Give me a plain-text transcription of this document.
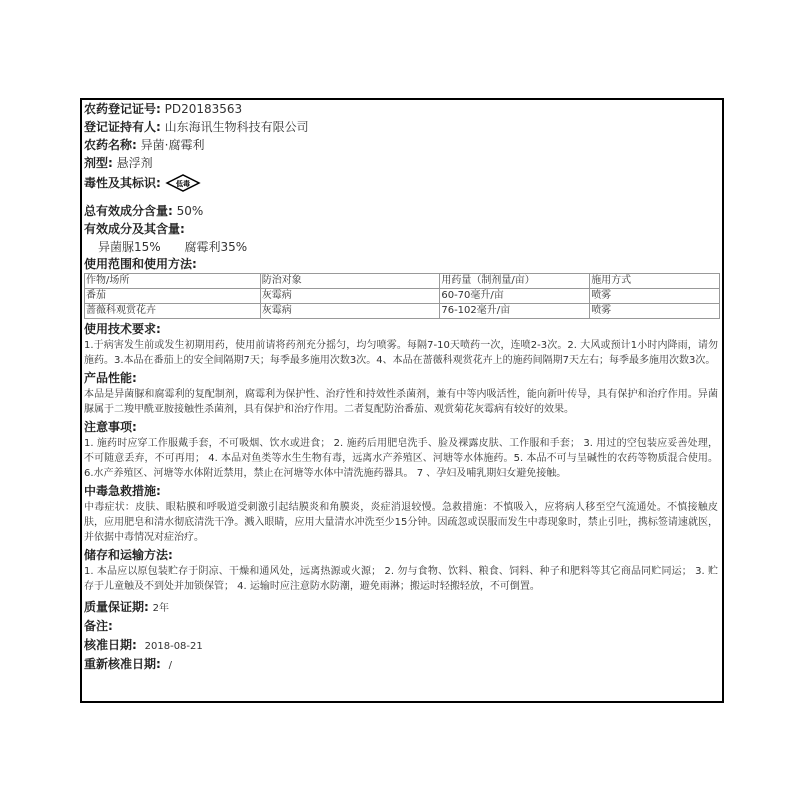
农药登记证号: PD20183563
登记证持有人: 山东海讯生物科技有限公司
农药名称: 异菌·腐霉利
剂型: 悬浮剂
毒性及其标识: 低毒
总有效成分含量: 50%
有效成分及其含量:
异菌脲15% 腐霉利35%
使用范围和使用方法:
作物/场所	防治对象	用药量（制剂量/亩）	施用方式
番茄	灰霉病	60-70毫升/亩	喷雾
蔷薇科观赏花卉	灰霉病	76-102毫升/亩	喷雾
使用技术要求:
1.于病害发生前或发生初期用药，使用前请将药剂充分摇匀，均匀喷雾。每隔7-10天喷药一次，连喷2-3次。2. 大风或预计1小时内降雨，请勿施药。3.本品在番茄上的安全间隔期7天；每季最多施用次数3次。4、本品在蔷薇科观赏花卉上的施药间隔期7天左右；每季最多施用次数3次。
产品性能:
本品是异菌脲和腐霉利的复配制剂，腐霉利为保护性、治疗性和持效性杀菌剂，兼有中等内吸活性，能向新叶传导，具有保护和治疗作用。异菌脲属于二羧甲酰亚胺接触性杀菌剂，具有保护和治疗作用。二者复配防治番茄、观赏菊花灰霉病有较好的效果。
注意事项:
1. 施药时应穿工作服戴手套，不可吸烟、饮水或进食； 2. 施药后用肥皂洗手、脸及裸露皮肤、工作服和手套； 3. 用过的空包装应妥善处理，不可随意丢弃，不可再用； 4. 本品对鱼类等水生生物有毒，远离水产养殖区、河塘等水体施药。5. 本品不可与呈碱性的农药等物质混合使用。6.水产养殖区、河塘等水体附近禁用，禁止在河塘等水体中清洗施药器具。 7 、孕妇及哺乳期妇女避免接触。
中毒急救措施:
中毒症状：皮肤、眼粘膜和呼吸道受刺激引起结膜炎和角膜炎，炎症消退较慢。急救措施：不慎吸入，应将病人移至空气流通处。不慎接触皮肤，应用肥皂和清水彻底清洗干净。溅入眼睛，应用大量清水冲洗至少15分钟。因疏忽或误服而发生中毒现象时，禁止引吐，携标签请速就医，并依据中毒情况对症治疗。
储存和运输方法:
1. 本品应以原包装贮存于阴凉、干燥和通风处，远离热源或火源； 2. 勿与食物、饮料、粮食、饲料、种子和肥料等其它商品同贮同运； 3. 贮存于儿童触及不到处并加锁保管； 4. 运输时应注意防水防潮，避免雨淋；搬运时轻搬轻放，不可倒置。
质量保证期: 2年
备注:
核准日期: 2018-08-21
重新核准日期: /
